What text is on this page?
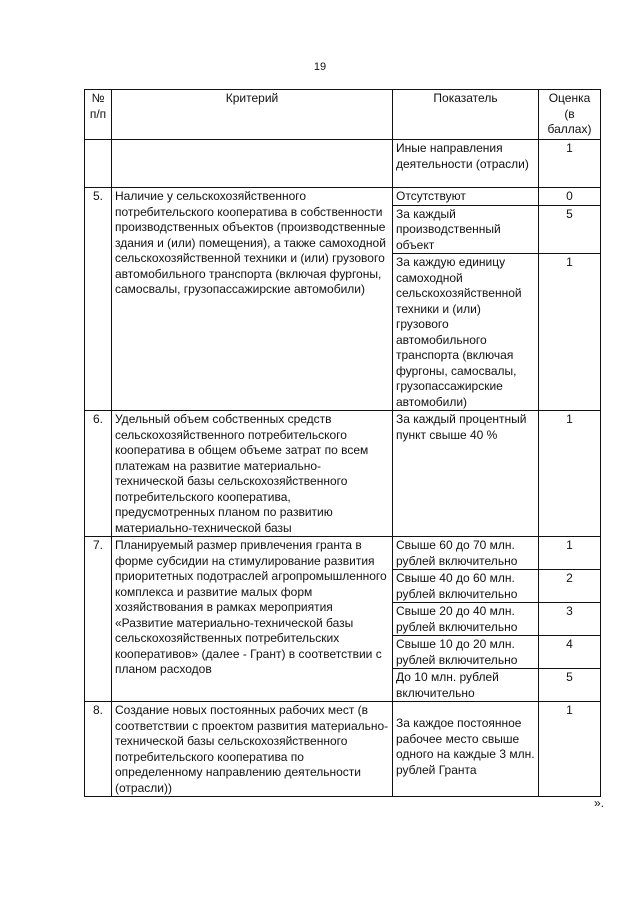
19
№ п/п	Критерий	Показатель	Оценка (в баллах)
		Иные направления деятельности (отрасли)	1
5.	Наличие у сельскохозяйственного потребительского кооператива в собственности производственных объектов (производственные здания и (или) помещения), а также самоходной сельскохозяйственной техники и (или) грузового автомобильного транспорта (включая фургоны, самосвалы, грузопассажирские автомобили)	Отсутствуют	0
		За каждый производственный объект	5
		За каждую единицу самоходной сельскохозяйственной техники и (или) грузового автомобильного транспорта (включая фургоны, самосвалы, грузопассажирские автомобили)	1
6.	Удельный объем собственных средств сельскохозяйственного потребительского кооператива в общем объеме затрат по всем платежам на развитие материально-технической базы сельскохозяйственного потребительского кооператива, предусмотренных планом по развитию материально-технической базы	За каждый процентный пункт свыше 40 %	1
7.	Планируемый размер привлечения гранта в форме субсидии на стимулирование развития приоритетных подотраслей агропромышленного комплекса и развитие малых форм хозяйствования в рамках мероприятия «Развитие материально-технической базы сельскохозяйственных потребительских кооперативов» (далее - Грант) в соответствии с планом расходов	Свыше 60 до 70 млн. рублей включительно	1
		Свыше 40 до 60 млн. рублей включительно	2
		Свыше 20 до 40 млн. рублей включительно	3
		Свыше 10 до 20 млн. рублей включительно	4
		До 10 млн. рублей включительно	5
8.	Создание новых постоянных рабочих мест (в соответствии с проектом развития материально-технической базы сельскохозяйственного потребительского кооператива по определенному направлению деятельности (отрасли))	За каждое постоянное рабочее место свыше одного на каждые 3 млн. рублей Гранта	1
».
